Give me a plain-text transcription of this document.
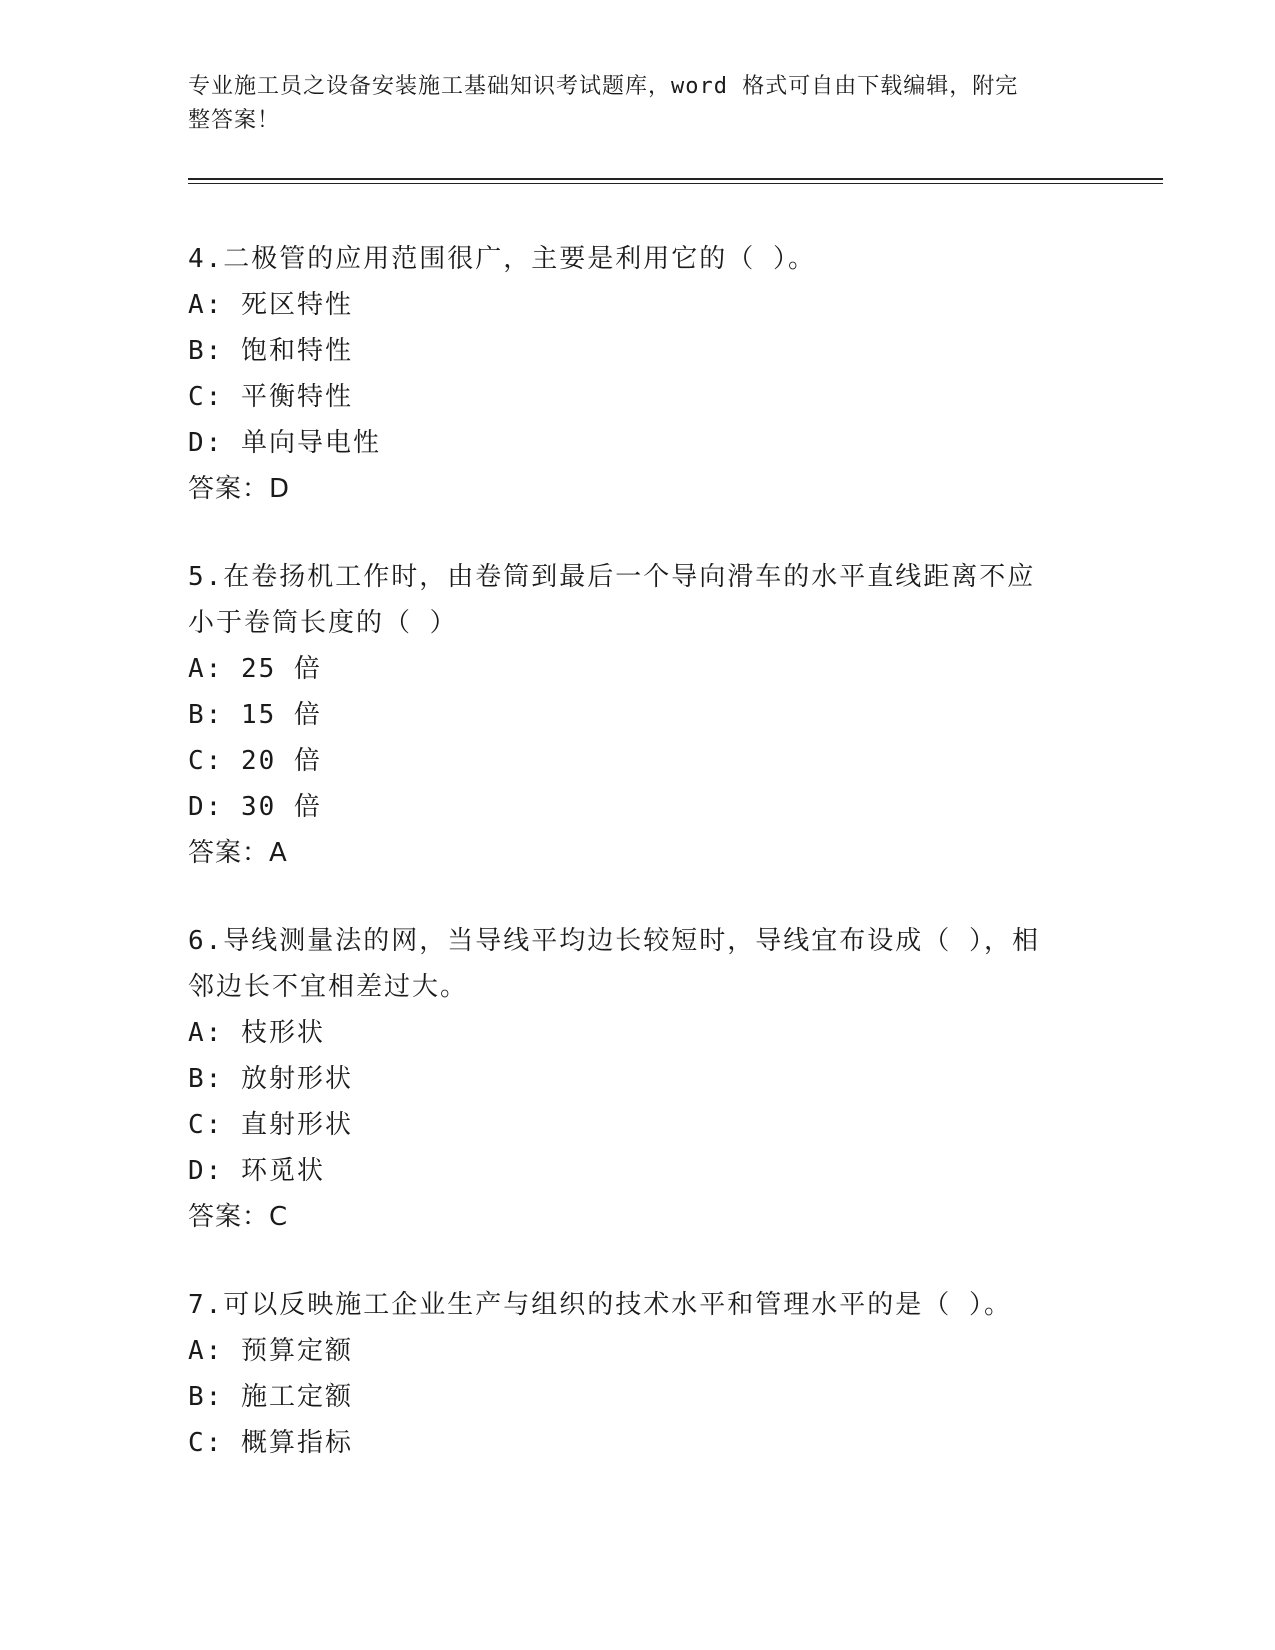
专业施工员之设备安装施工基础知识考试题库，word 格式可自由下载编辑，附完
整答案！

4.二极管的应用范围很广，主要是利用它的（ ）。

A: 死区特性

B: 饱和特性

C: 平衡特性

D: 单向导电性

答案：D

5.在卷扬机工作时，由卷筒到最后一个导向滑车的水平直线距离不应

小于卷筒长度的（ ）

A: 25 倍

B: 15 倍

C: 20 倍

D: 30 倍

答案：A

6.导线测量法的网，当导线平均边长较短时，导线宜布设成（ ），相

邻边长不宜相差过大。

A: 枝形状

B: 放射形状

C: 直射形状

D: 环觅状

答案：C

7.可以反映施工企业生产与组织的技术水平和管理水平的是（ ）。

A: 预算定额

B: 施工定额

C: 概算指标
